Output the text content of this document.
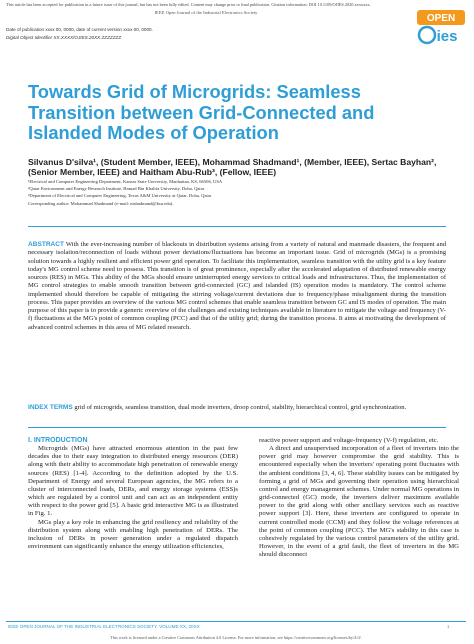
This article has been accepted for publication in a future issue of this journal, but has not been fully edited. Content may change prior to final publication. Citation information: DOI 10.1109/OJIES.2020.xxxxxxx,
IEEE Open Journal of the Industrial Electronics Society
Date of publication xxxx 00, 0000, date of current version xxxx 00, 0000.
Digital Object Identifier XX.XXXX/OJIES.20XX.ZZZZZZZ
OPEN
ies
Towards Grid of Microgrids: Seamless Transition between Grid-Connected and Islanded Modes of Operation
Silvanus D'silva¹, (Student Member, IEEE), Mohammad Shadmand¹, (Member, IEEE), Sertac Bayhan², (Senior Member, IEEE) and Haitham Abu-Rub³, (Fellow, IEEE)
¹Electrical and Computer Engineering Department, Kansas State University, Manhattan, KS, 66506, USA
²Qatar Environment and Energy Research Institute, Hamad Bin Khalifa University, Doha, Qatar
³Department of Electrical and Computer Engineering, Texas A&M University at Qatar, Doha, Qatar
Corresponding author: Mohammad Shadmand (e-mail: mshadmand@ksu.edu).
ABSTRACT With the ever-increasing number of blackouts in distribution systems arising from a variety of natural and manmade disasters, the frequent and necessary isolation/reconnection of loads without power deviations/fluctuations has become an important issue. Grid of microgrids (MGs) is a promising solution towards a highly resilient and efficient power grid operation. To facilitate this implementation, seamless transition with the utility grid is a key feature today's MG control scheme need to possess. This transition is of great prominence, especially after the accelerated adaptation of distributed renewable energy sources (RES) in MGs. This ability of the MGs should ensure uninterrupted energy services to critical loads and infrastructures. Thus, the implementation of MG control strategies to enable smooth transition between grid-connected (GC) and islanded (IS) operation modes is mandatory. The control scheme implemented should therefore be capable of mitigating the stirring voltage/current deviations due to frequency/phase misalignment during the transition process. This paper provides an overview of the various MG control schemes that enable seamless transition between GC and IS modes of operation. The main purpose of this paper is to provide a generic overview of the challenges and existing techniques available in literature to mitigate the voltage and frequency (V-f) fluctuations at the MG's point of common coupling (PCC) and that of the utility grid; during the transition process. It aims at motivating the development of advanced control schemes in this area of MG related research.
INDEX TERMS grid of microgrids, seamless transition, dual mode inverters, droop control, stability, hierarchical control, grid synchronization.
I. INTRODUCTION

Microgrids (MGs) have attracted enormous attention in the past few decades due to their easy integration to distributed energy resources (DER) along with their ability to accommodate high penetration of renewable energy sources (RES) [1-4]. According to the definition adopted by the U.S. Department of Energy and several European agencies, the MG refers to a cluster of interconnected loads, DERs, and energy storage systems (ESS)s which are regulated by a control unit and can act as an independent entity with respect to the power grid [5]. A basic grid interactive MG is as illustrated in Fig. 1.

MGs play a key role in enhancing the grid resiliency and reliability of the distribution system along with enabling high penetration of DERs. The inclusion of DERs in power generation under a regulated dispatch environment can significantly enhance the energy utilization efficiencies,

reactive power support and voltage-frequency (V-f) regulation, etc.

A direct and unsupervised incorporation of a fleet of inverters into the power grid may however compromise the grid stability. This is encountered especially when the inverters' operating point fluctuates with the ambient conditions [3, 4, 6]. These stability issues can be mitigated by forming a grid of MGs and governing their operation using hierarchical control and energy management schemes. Under normal MG operations in grid-connected (GC) mode, the inverters deliver maximum available power to the grid along with other ancillary services such as reactive power support [3]. Here, these inverters are configured to operate in current controlled mode (CCM) and they follow the voltage references at the point of common coupling (PCC). The MG's stability in this case is cohesively regulated by the various control parameters of the utility grid. However, in the event of a grid fault, the fleet of inverters in the MG should disconnect

IEEE OPEN JOURNAL OF THE INDUSTRIAL ELECTRONICS SOCIETY. VOLUME XX, 20XX	1
This work is licensed under a Creative Commons Attribution 4.0 License. For more information, see https://creativecommons.org/licenses/by/4.0/.
